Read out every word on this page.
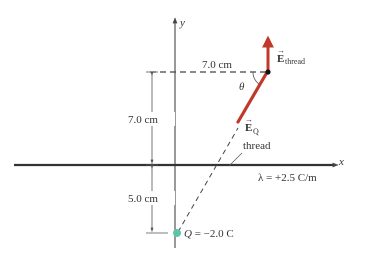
y
x
7.0 cm
7.0 cm
5.0 cm
θ
E
→
thread
E
→
Q
thread
λ = +2.5 C/m
Q = −2.0 C
